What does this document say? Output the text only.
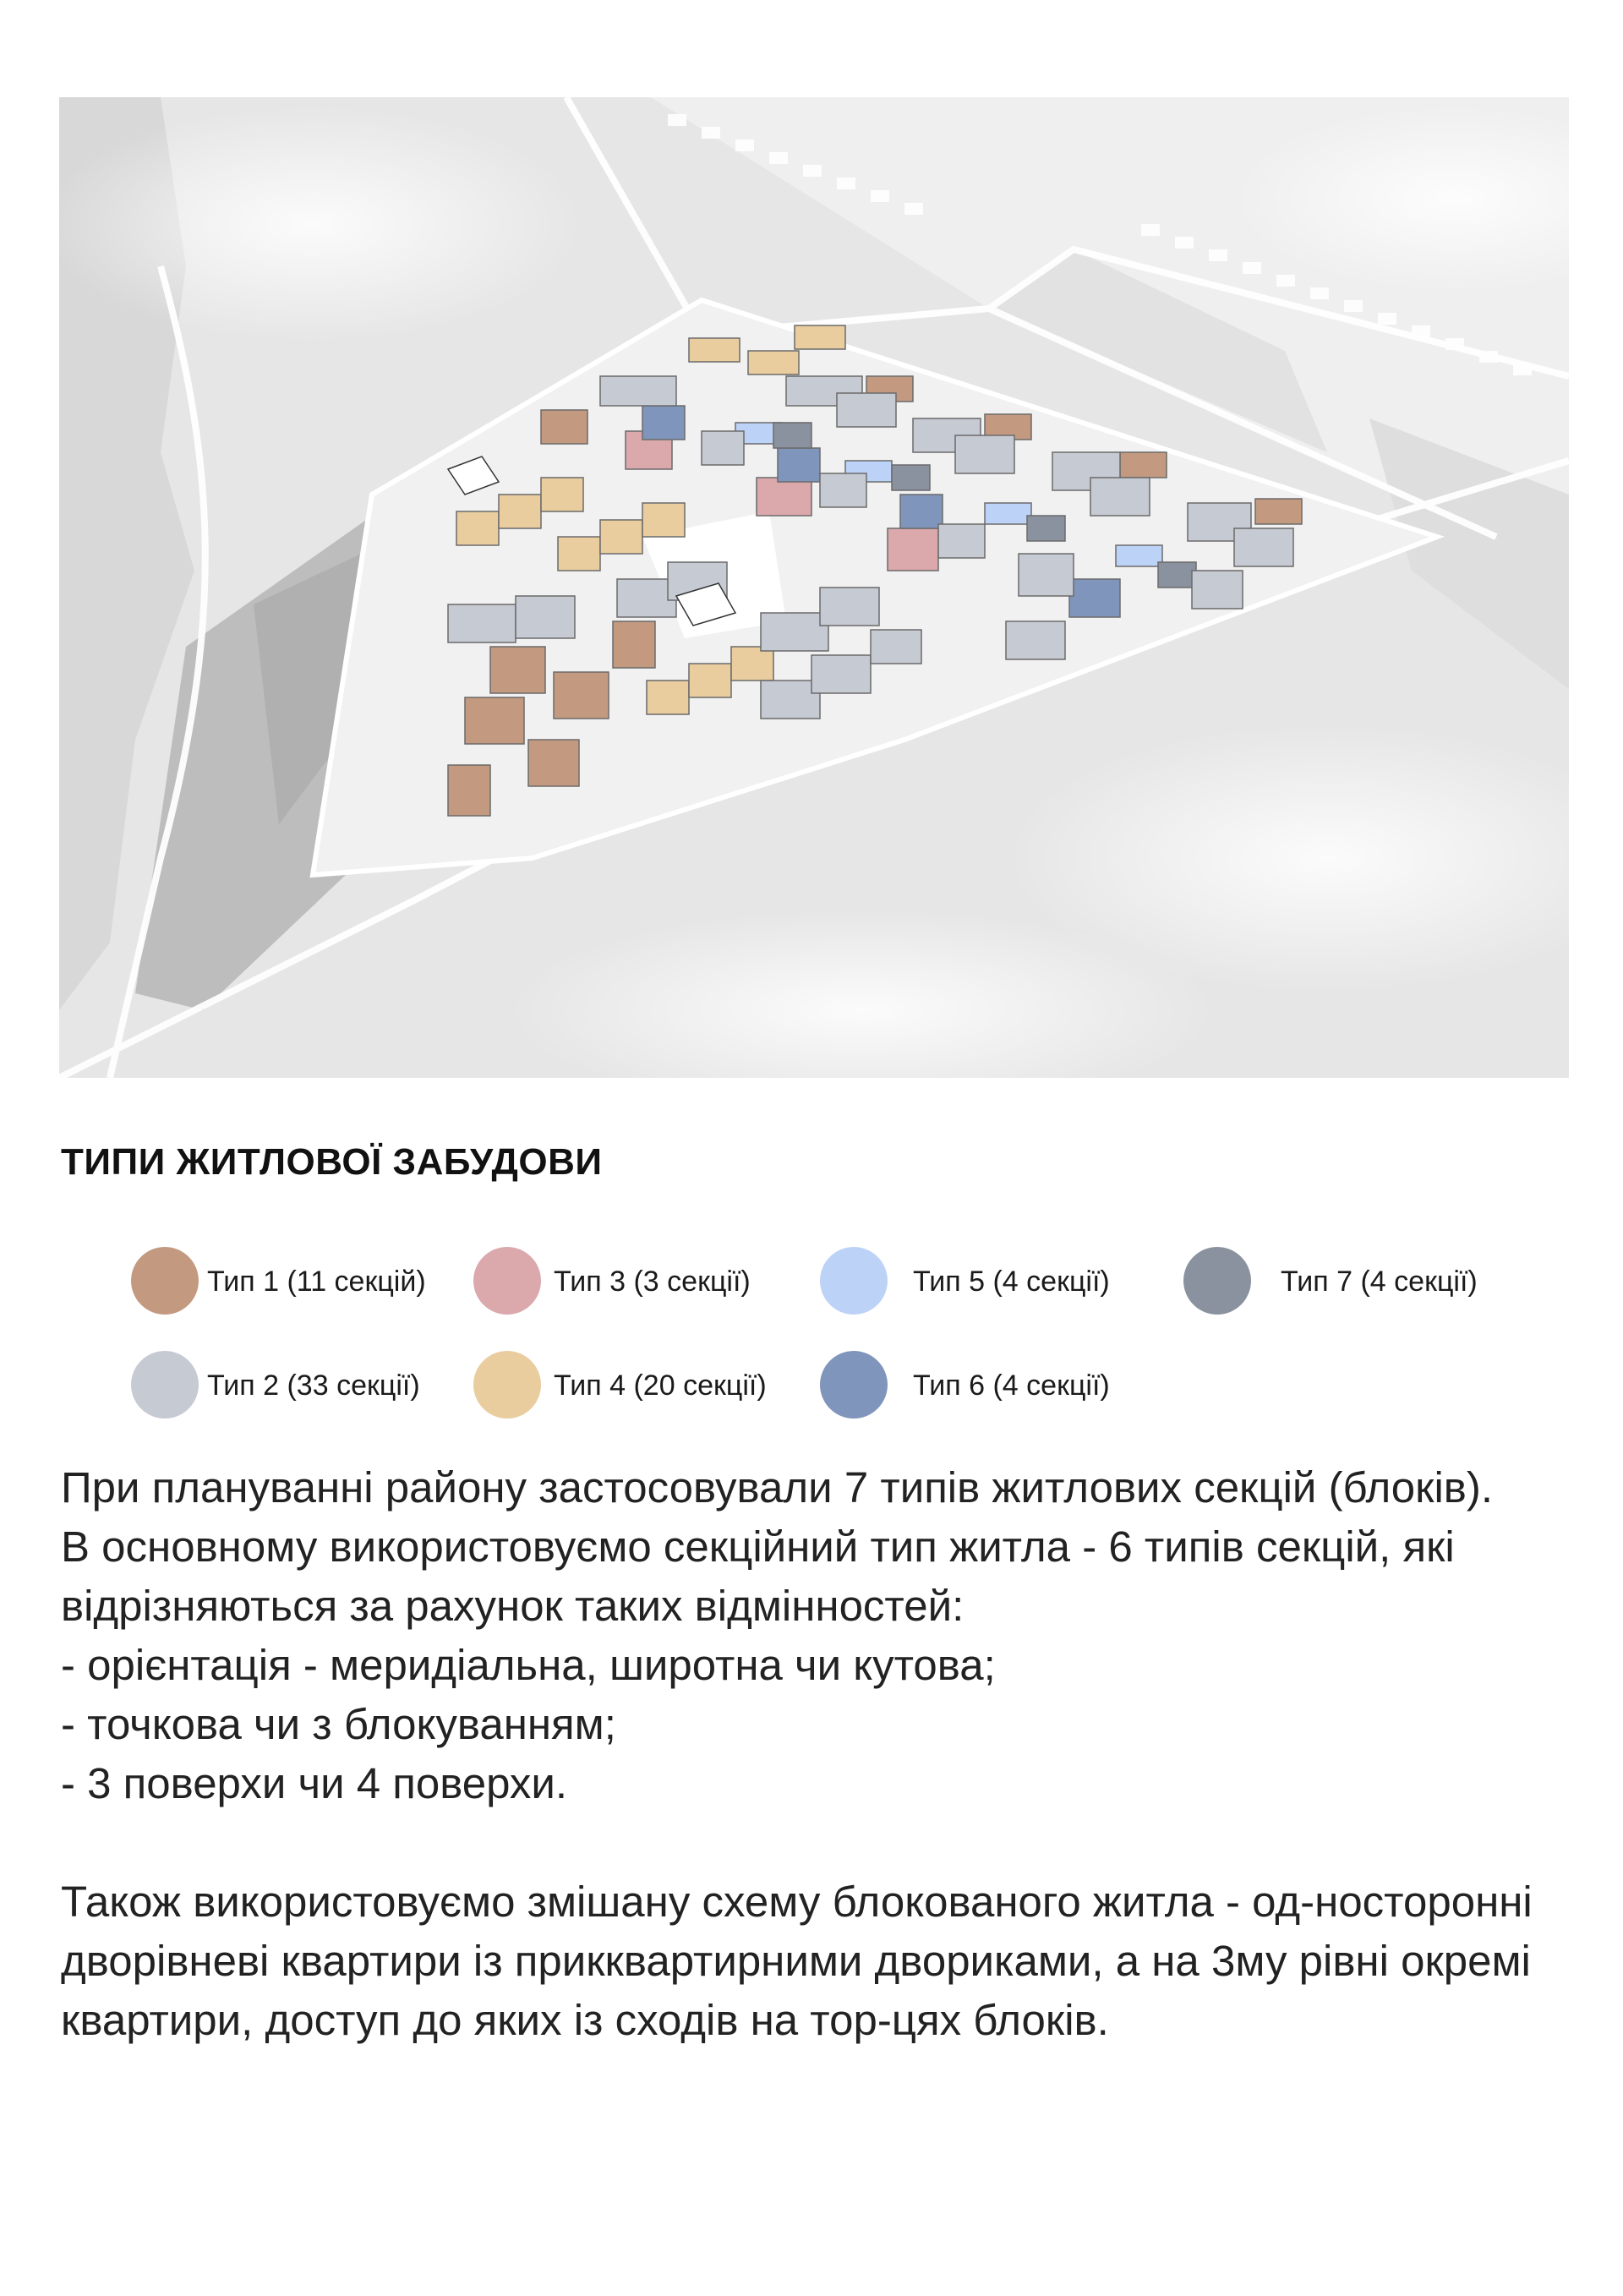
ТИПИ ЖИТЛОВОЇ ЗАБУДОВИ
Тип 1 (11 секцій)	Тип 3 (3 секції)	Тип 5 (4 секції)	Тип 7 (4 секції)
Тип 2 (33 секції)	Тип 4 (20 секції)	Тип 6 (4 секції)

При плануванні району застосовували 7 типів житлових секцій (блоків).

В основному використовуємо секційний тип житла - 6 типів секцій, які відрізняються за рахунок таких відмінностей:

- орієнтація - меридіальна, широтна чи кутова;

- точкова чи з блокуванням;

- 3 поверхи чи 4 поверхи.

Також використовуємо змішану схему блокованого житла - од-носторонні дворівневі квартири із прикквартирними двориками, а на 3му рівні окремі квартири, доступ до яких із сходів на тор-цях блоків.
